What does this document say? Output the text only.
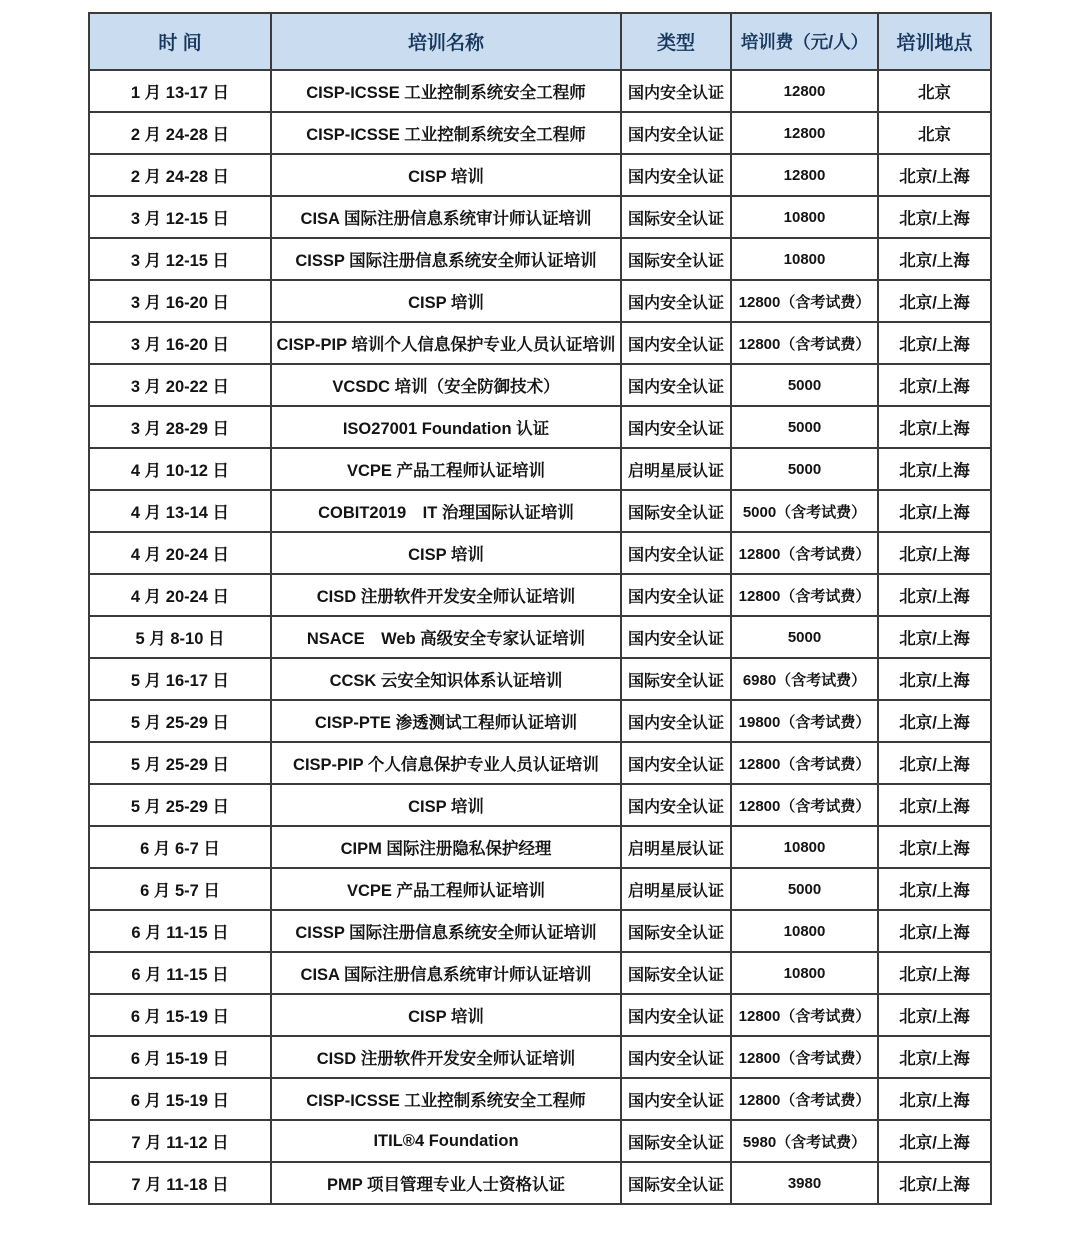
时 间	培训名称	类型	培训费（元/人）	培训地点
1 月 13-17 日	CISP-ICSSE 工业控制系统安全工程师	国内安全认证	12800	北京
2 月 24-28 日	CISP-ICSSE 工业控制系统安全工程师	国内安全认证	12800	北京
2 月 24-28 日	CISP 培训	国内安全认证	12800	北京/上海
3 月 12-15 日	CISA 国际注册信息系统审计师认证培训	国际安全认证	10800	北京/上海
3 月 12-15 日	CISSP 国际注册信息系统安全师认证培训	国际安全认证	10800	北京/上海
3 月 16-20 日	CISP 培训	国内安全认证	12800（含考试费）	北京/上海
3 月 16-20 日	CISP-PIP 培训个人信息保护专业人员认证培训	国内安全认证	12800（含考试费）	北京/上海
3 月 20-22 日	VCSDC 培训（安全防御技术）	国内安全认证	5000	北京/上海
3 月 28-29 日	ISO27001 Foundation 认证	国内安全认证	5000	北京/上海
4 月 10-12 日	VCPE 产品工程师认证培训	启明星辰认证	5000	北京/上海
4 月 13-14 日	COBIT2019　IT 治理国际认证培训	国际安全认证	5000（含考试费）	北京/上海
4 月 20-24 日	CISP 培训	国内安全认证	12800（含考试费）	北京/上海
4 月 20-24 日	CISD 注册软件开发安全师认证培训	国内安全认证	12800（含考试费）	北京/上海
5 月 8-10 日	NSACE　Web 高级安全专家认证培训	国内安全认证	5000	北京/上海
5 月 16-17 日	CCSK 云安全知识体系认证培训	国际安全认证	6980（含考试费）	北京/上海
5 月 25-29 日	CISP-PTE 渗透测试工程师认证培训	国内安全认证	19800（含考试费）	北京/上海
5 月 25-29 日	CISP-PIP 个人信息保护专业人员认证培训	国内安全认证	12800（含考试费）	北京/上海
5 月 25-29 日	CISP 培训	国内安全认证	12800（含考试费）	北京/上海
6 月 6-7 日	CIPM 国际注册隐私保护经理	启明星辰认证	10800	北京/上海
6 月 5-7 日	VCPE 产品工程师认证培训	启明星辰认证	5000	北京/上海
6 月 11-15 日	CISSP 国际注册信息系统安全师认证培训	国际安全认证	10800	北京/上海
6 月 11-15 日	CISA 国际注册信息系统审计师认证培训	国际安全认证	10800	北京/上海
6 月 15-19 日	CISP 培训	国内安全认证	12800（含考试费）	北京/上海
6 月 15-19 日	CISD 注册软件开发安全师认证培训	国内安全认证	12800（含考试费）	北京/上海
6 月 15-19 日	CISP-ICSSE 工业控制系统安全工程师	国内安全认证	12800（含考试费）	北京/上海
7 月 11-12 日	ITIL®4 Foundation	国际安全认证	5980（含考试费）	北京/上海
7 月 11-18 日	PMP 项目管理专业人士资格认证	国际安全认证	3980	北京/上海
